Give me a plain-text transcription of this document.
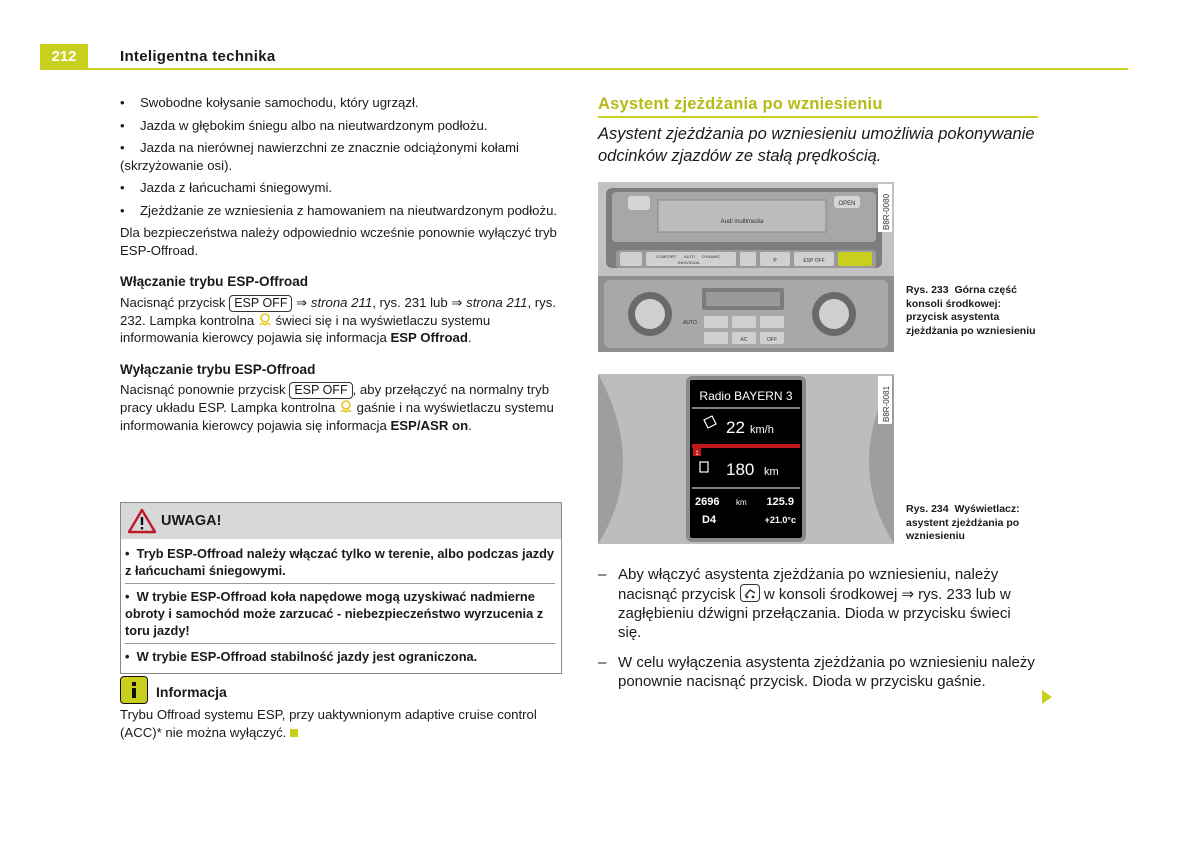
212	Inteligentna technika
• Swobodne kołysanie samochodu, który ugrzązł.
• Jazda w głębokim śniegu albo na nieutwardzonym podłożu.
• Jazda na nierównej nawierzchni ze znacznie odciążonymi kołami (skrzyżowanie osi).
• Jazda z łańcuchami śniegowymi.
• Zjeżdżanie ze wzniesienia z hamowaniem na nieutwardzonym podłożu.

Dla bezpieczeństwa należy odpowiednio wcześnie ponownie wyłączyć tryb ESP-Offroad.

Włączanie trybu ESP-Offroad

Nacisnąć przycisk ESP OFF ⇒ strona 211, rys. 231 lub ⇒ strona 211, rys. 232. Lampka kontrolna  świeci się i na wyświetlaczu systemu informowania kierowcy pojawia się informacja ESP Offroad.

Wyłączanie trybu ESP-Offroad

Nacisnąć ponownie przycisk ESP OFF , aby przełączyć na normalny tryb pracy układu ESP. Lampka kontrolna  gaśnie i na wyświetlaczu systemu informowania kierowcy pojawia się informacja ESP/ASR on.

UWAGA!
•  Tryb ESP-Offroad należy włączać tylko w terenie, albo podczas jazdy z łańcuchami śniegowymi.
•  W trybie ESP-Offroad koła napędowe mogą uzyskiwać nadmierne obroty i samochód może zarzucać - niebezpieczeństwo wyrzucenia z toru jazdy!
•  W trybie ESP-Offroad stabilność jazdy jest ograniczona.
Informacja
Trybu Offroad systemu ESP, przy uaktywnionym adaptive cruise control (ACC)* nie można wyłączyć.
Asystent zjeżdżania po wzniesieniu
Asystent zjeżdżania po wzniesieniu umożliwia pokonywanie odcinków zjazdów ze stałą prędkością.
OPEN
Audi multimedia
COMFORT AUTO DYNAMIC
INDIVIDUAL	P	ESP OFF
AC	OFF
AUTO
B8R-0080
Rys. 233 Górna część konsoli środkowej: przycisk asystenta zjeżdżania po wzniesieniu
Radio BAYERN 3
22 km/h
1
180 km
2696 km 125.9
D4	+21.0°c
B8R-0081
Rys. 234 Wyświetlacz: asystent zjeżdżania po wzniesieniu
– Aby włączyć asystenta zjeżdżania po wzniesieniu, należy nacisnąć przycisk  w konsoli środkowej ⇒ rys. 233 lub w zagłębieniu dźwigni przełączania. Dioda w przycisku świeci się.
– W celu wyłączenia asystenta zjeżdżania po wzniesieniu należy ponownie nacisnąć przycisk. Dioda w przycisku gaśnie.
